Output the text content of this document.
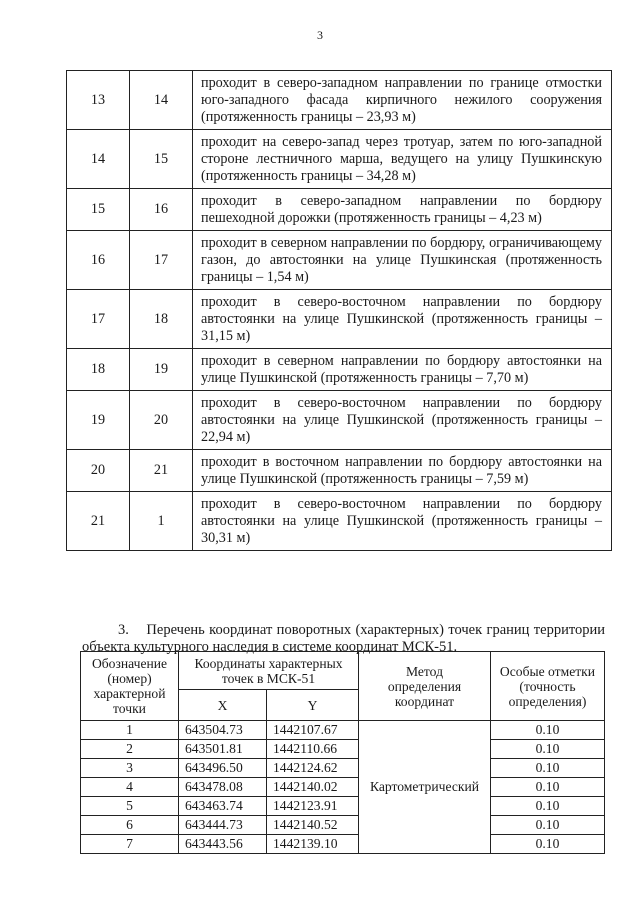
3
13	14	проходит в северо-западном направлении по границе отмостки юго-западного фасада кирпичного нежилого сооружения (протяженность границы – 23,93 м)
14	15	проходит на северо-запад через тротуар, затем по юго-западной стороне лестничного марша, ведущего на улицу Пушкинскую (протяженность границы – 34,28 м)
15	16	проходит в северо-западном направлении по бордюру пешеходной дорожки (протяженность границы – 4,23 м)
16	17	проходит в северном направлении по бордюру, ограничивающему газон, до автостоянки на улице Пушкинская (протяженность границы – 1,54 м)
17	18	проходит в северо-восточном направлении по бордюру автостоянки на улице Пушкинской (протяженность границы – 31,15 м)
18	19	проходит в северном направлении по бордюру автостоянки на улице Пушкинской (протяженность границы – 7,70 м)
19	20	проходит в северо-восточном направлении по бордюру автостоянки на улице Пушкинской (протяженность границы – 22,94 м)
20	21	проходит в восточном направлении по бордюру автостоянки на улице Пушкинской (протяженность границы – 7,59 м)
21	1	проходит в северо-восточном направлении по бордюру автостоянки на улице Пушкинской (протяженность границы – 30,31 м)
3. Перечень координат поворотных (характерных) точек границ территории объекта культурного наследия в системе координат МСК-51.
Обозначение (номер) характерной точки	Координаты характерных точек в МСК-51		Метод определения координат	Особые отметки (точность определения)
	X	Y		
1	643504.73	1442107.67	Картометрический	0.10
2	643501.81	1442110.66		0.10
3	643496.50	1442124.62		0.10
4	643478.08	1442140.02		0.10
5	643463.74	1442123.91		0.10
6	643444.73	1442140.52		0.10
7	643443.56	1442139.10		0.10
